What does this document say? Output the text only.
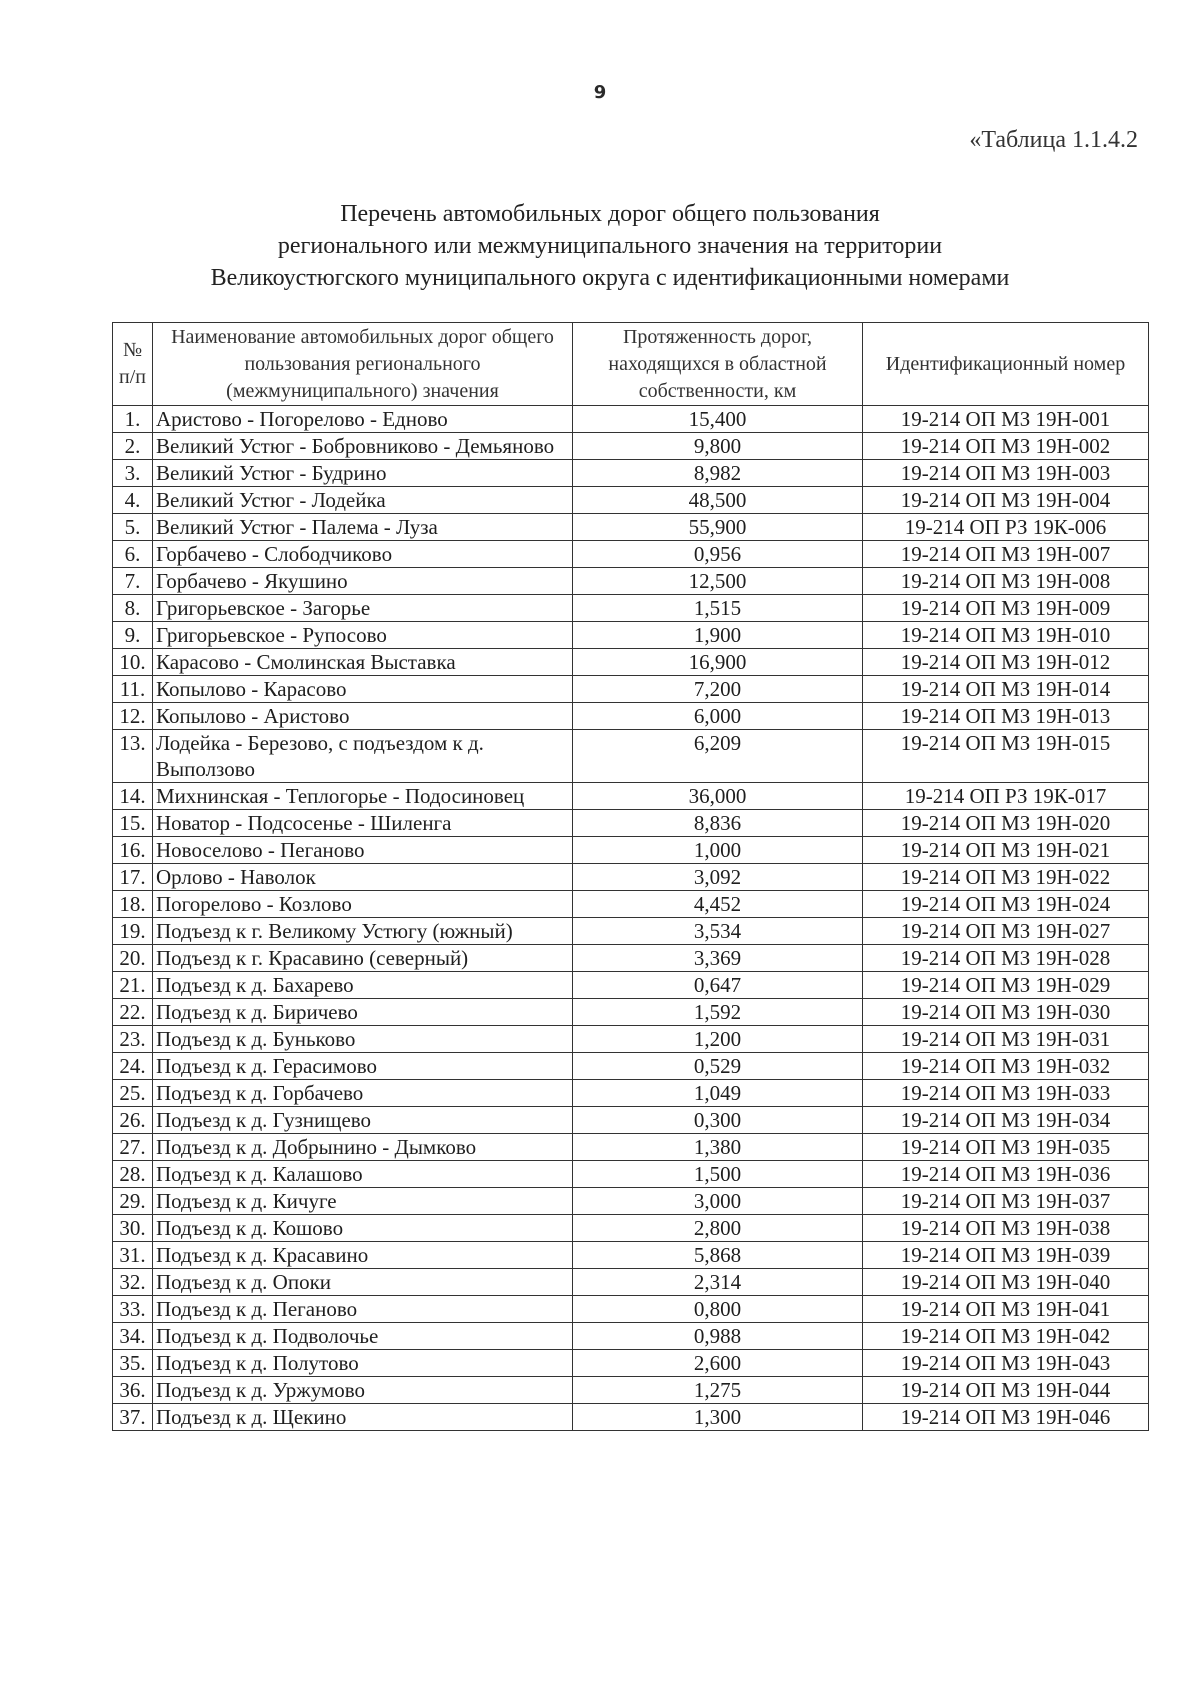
9
«Таблица 1.1.4.2
Перечень автомобильных дорог общего пользования
регионального или межмуниципального значения на территории
Великоустюгского муниципального округа с идентификационными номерами
№ п/п	Наименование автомобильных дорог общего пользования регионального (межмуниципального) значения	Протяженность дорог, находящихся в областной собственности, км	Идентификационный номер
1.	Аристово - Погорелово - Едново	15,400	19-214 ОП МЗ 19Н-001
2.	Великий Устюг - Бобровниково - Демьяново	9,800	19-214 ОП МЗ 19Н-002
3.	Великий Устюг - Будрино	8,982	19-214 ОП МЗ 19Н-003
4.	Великий Устюг - Лодейка	48,500	19-214 ОП МЗ 19Н-004
5.	Великий Устюг - Палема - Луза	55,900	19-214 ОП РЗ 19К-006
6.	Горбачево - Слободчиково	0,956	19-214 ОП МЗ 19Н-007
7.	Горбачево - Якушино	12,500	19-214 ОП МЗ 19Н-008
8.	Григорьевское - Загорье	1,515	19-214 ОП МЗ 19Н-009
9.	Григорьевское - Рупосово	1,900	19-214 ОП МЗ 19Н-010
10.	Карасово - Смолинская Выставка	16,900	19-214 ОП МЗ 19Н-012
11.	Копылово - Карасово	7,200	19-214 ОП МЗ 19Н-014
12.	Копылово - Аристово	6,000	19-214 ОП МЗ 19Н-013
13.	Лодейка - Березово, с подъездом к д. Выползово	6,209	19-214 ОП МЗ 19Н-015
14.	Михнинская - Теплогорье - Подосиновец	36,000	19-214 ОП РЗ 19К-017
15.	Новатор - Подсосенье - Шиленга	8,836	19-214 ОП МЗ 19Н-020
16.	Новоселово - Пеганово	1,000	19-214 ОП МЗ 19Н-021
17.	Орлово - Наволок	3,092	19-214 ОП МЗ 19Н-022
18.	Погорелово - Козлово	4,452	19-214 ОП МЗ 19Н-024
19.	Подъезд к г. Великому Устюгу (южный)	3,534	19-214 ОП МЗ 19Н-027
20.	Подъезд к г. Красавино (северный)	3,369	19-214 ОП МЗ 19Н-028
21.	Подъезд к д. Бахарево	0,647	19-214 ОП МЗ 19Н-029
22.	Подъезд к д. Биричево	1,592	19-214 ОП МЗ 19Н-030
23.	Подъезд к д. Буньково	1,200	19-214 ОП МЗ 19Н-031
24.	Подъезд к д. Герасимово	0,529	19-214 ОП МЗ 19Н-032
25.	Подъезд к д. Горбачево	1,049	19-214 ОП МЗ 19Н-033
26.	Подъезд к д. Гузнищево	0,300	19-214 ОП МЗ 19Н-034
27.	Подъезд к д. Добрынино - Дымково	1,380	19-214 ОП МЗ 19Н-035
28.	Подъезд к д. Калашово	1,500	19-214 ОП МЗ 19Н-036
29.	Подъезд к д. Кичуге	3,000	19-214 ОП МЗ 19Н-037
30.	Подъезд к д. Кошово	2,800	19-214 ОП МЗ 19Н-038
31.	Подъезд к д. Красавино	5,868	19-214 ОП МЗ 19Н-039
32.	Подъезд к д. Опоки	2,314	19-214 ОП МЗ 19Н-040
33.	Подъезд к д. Пеганово	0,800	19-214 ОП МЗ 19Н-041
34.	Подъезд к д. Подволочье	0,988	19-214 ОП МЗ 19Н-042
35.	Подъезд к д. Полутово	2,600	19-214 ОП МЗ 19Н-043
36.	Подъезд к д. Уржумово	1,275	19-214 ОП МЗ 19Н-044
37.	Подъезд к д. Щекино	1,300	19-214 ОП МЗ 19Н-046
